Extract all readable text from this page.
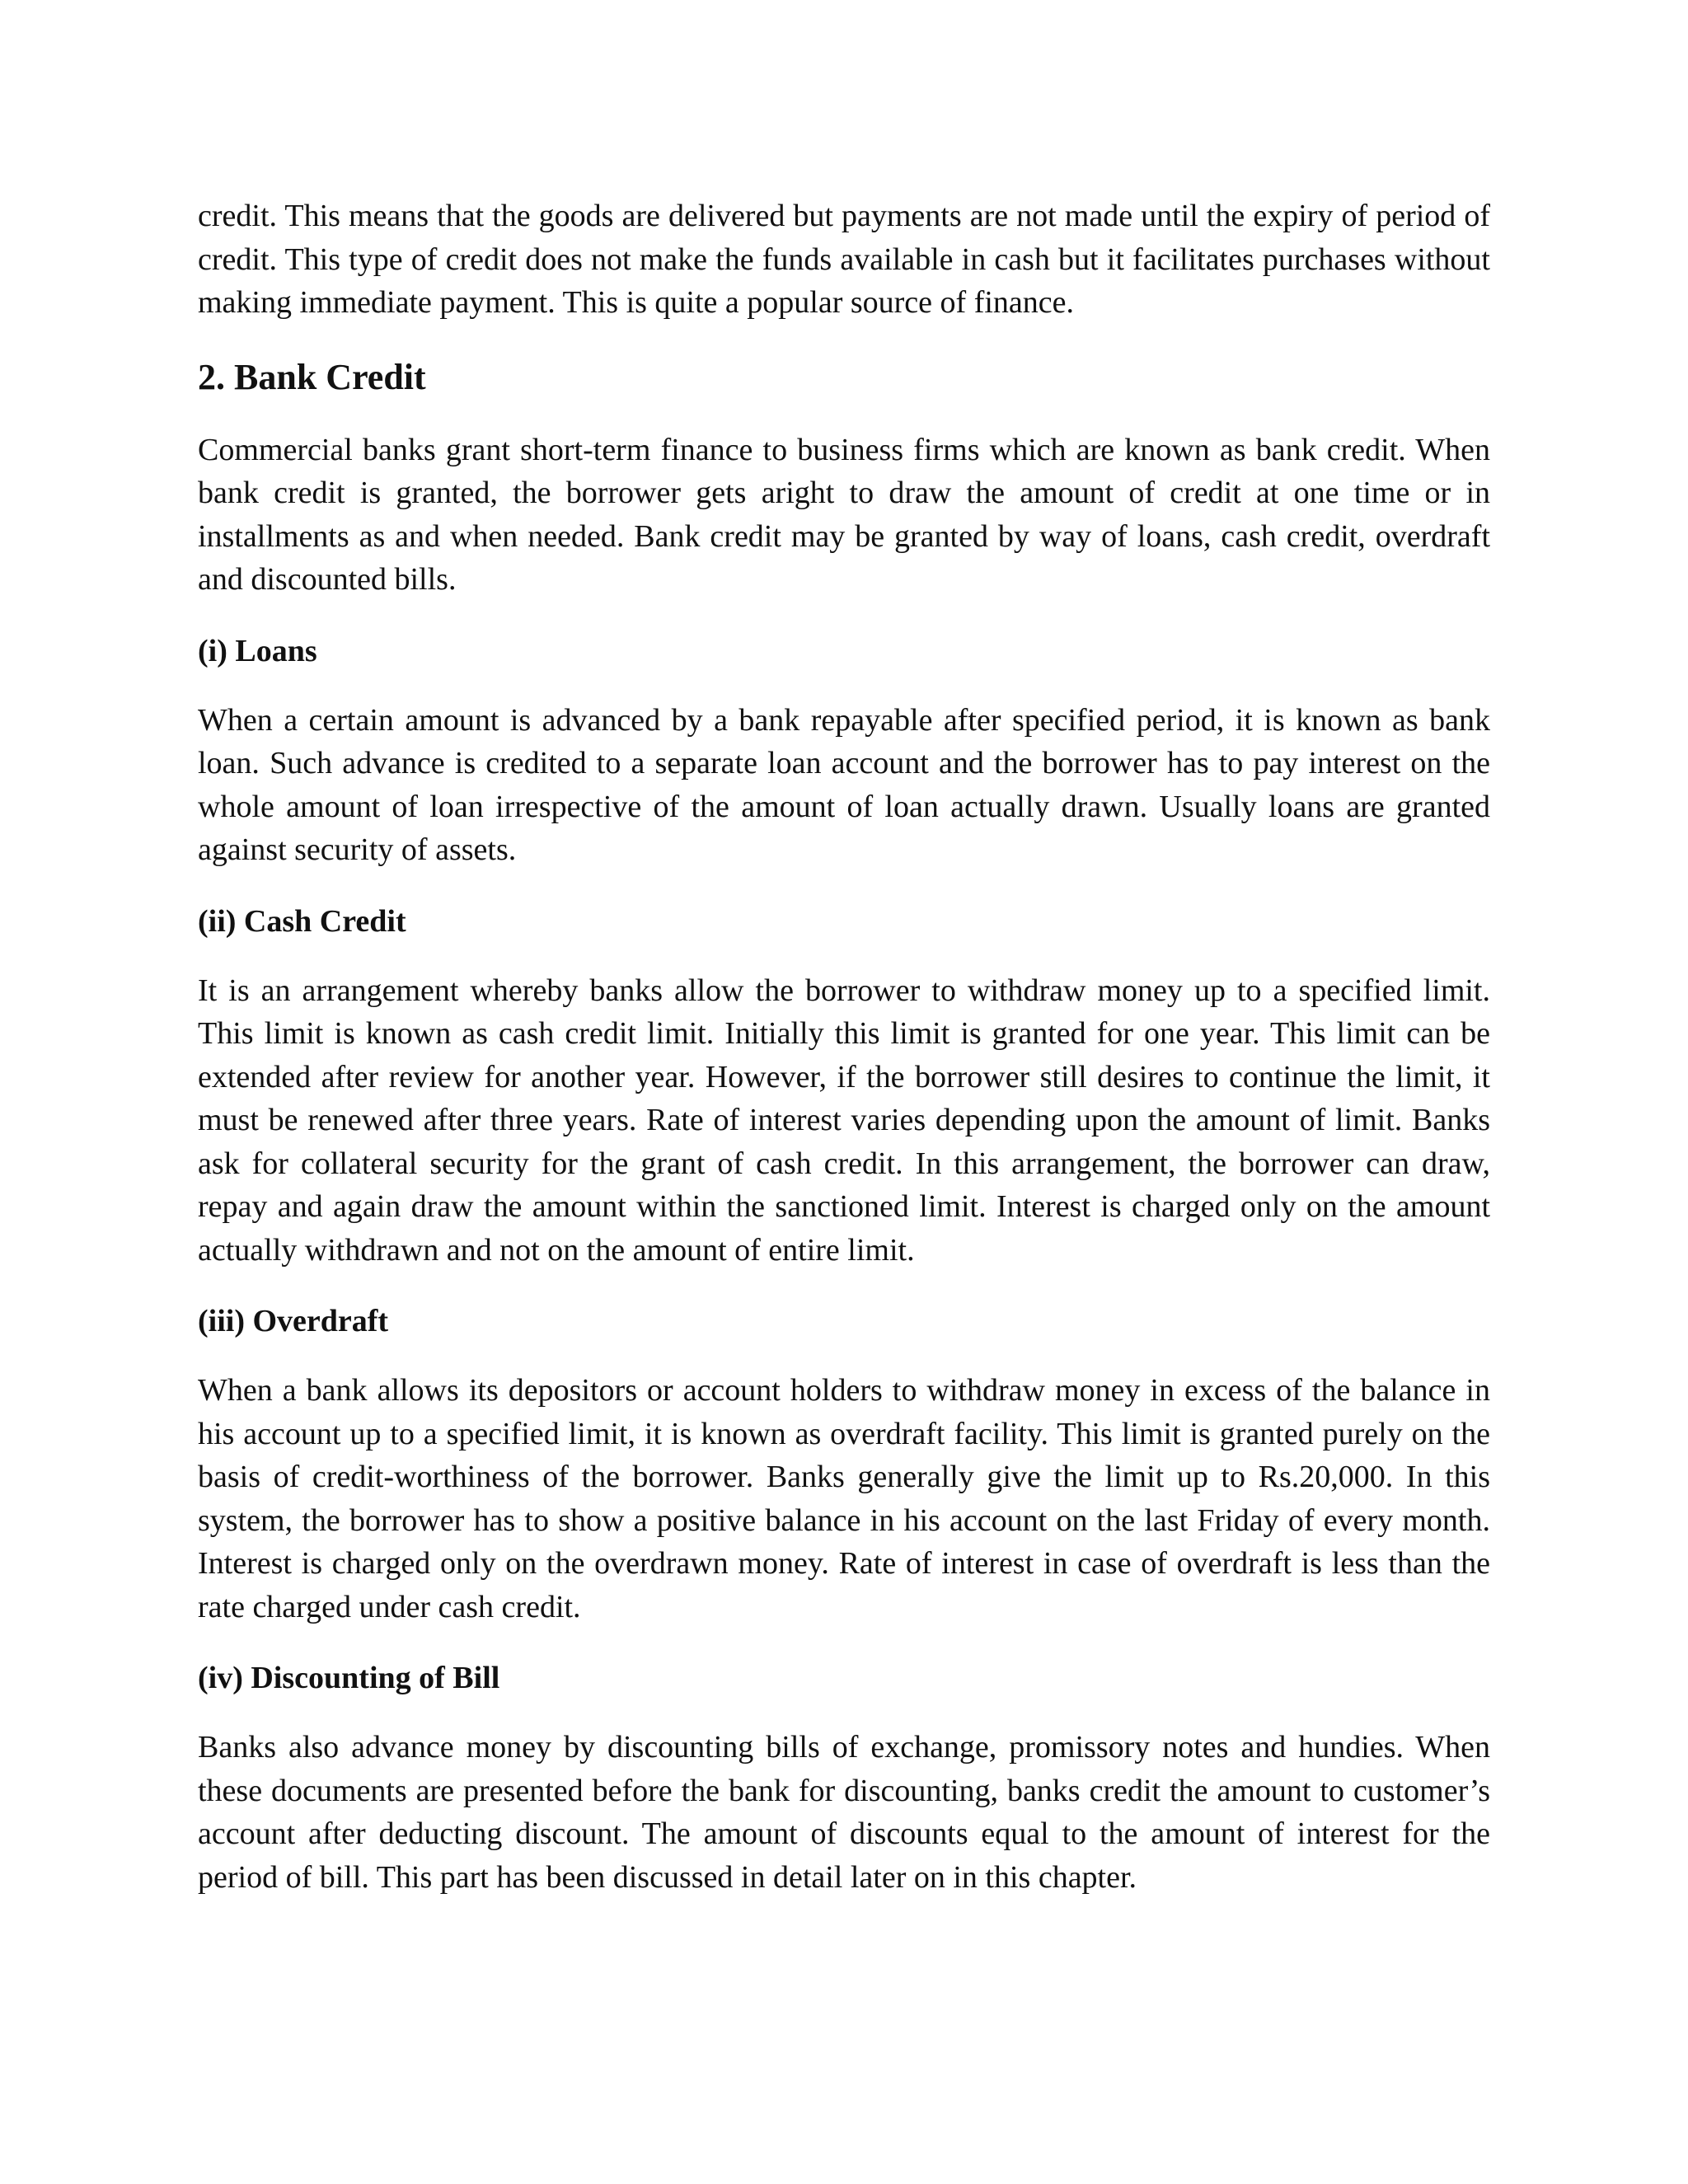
credit. This means that the goods are delivered but payments are not made until the expiry of period of credit. This type of credit does not make the funds available in cash but it facilitates purchases without making immediate payment. This is quite a popular source of finance.

2. Bank Credit

Commercial banks grant short-term finance to business firms which are known as bank credit. When bank credit is granted, the borrower gets aright to draw the amount of credit at one time or in installments as and when needed. Bank credit may be granted by way of loans, cash credit, overdraft and discounted bills.

(i) Loans

When a certain amount is advanced by a bank repayable after specified period, it is known as bank loan. Such advance is credited to a separate loan account and the borrower has to pay interest on the whole amount of loan irrespective of the amount of loan actually drawn. Usually loans are granted against security of assets.

(ii) Cash Credit

It is an arrangement whereby banks allow the borrower to withdraw money up to a specified limit. This limit is known as cash credit limit. Initially this limit is granted for one year. This limit can be extended after review for another year. However, if the borrower still desires to continue the limit, it must be renewed after three years. Rate of interest varies depending upon the amount of limit. Banks ask for collateral security for the grant of cash credit. In this arrangement, the borrower can draw, repay and again draw the amount within the sanctioned limit. Interest is charged only on the amount actually withdrawn and not on the amount of entire limit.

(iii) Overdraft

When a bank allows its depositors or account holders to withdraw money in excess of the balance in his account up to a specified limit, it is known as overdraft facility. This limit is granted purely on the basis of credit-worthiness of the borrower. Banks generally give the limit up to Rs.20,000. In this system, the borrower has to show a positive balance in his account on the last Friday of every month. Interest is charged only on the overdrawn money. Rate of interest in case of overdraft is less than the rate charged under cash credit.

(iv) Discounting of Bill

Banks also advance money by discounting bills of exchange, promissory notes and hundies. When these documents are presented before the bank for discounting, banks credit the amount to customer’s account after deducting discount. The amount of discounts equal to the amount of interest for the period of bill. This part has been discussed in detail later on in this chapter.
